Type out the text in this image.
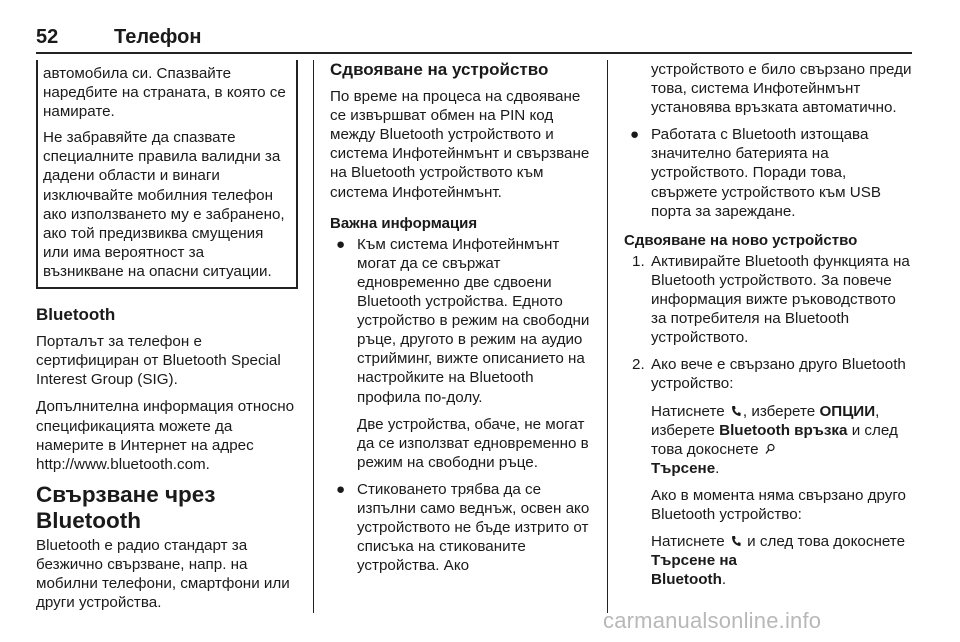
52	Телефон

автомобила си. Спазвайте наредбите на страната, в която се намирате.

Не забравяйте да спазвате специалните правила валидни за дадени области и винаги изключвайте мобилния телефон ако използването му е забранено, ако той предизвиква смущения или има вероятност за възникване на опасни ситуации.

Bluetooth

Порталът за телефон е сертифициран от Bluetooth Special Interest Group (SIG).

Допълнителна информация относно спецификацията можете да намерите в Интернет на адрес http://www.bluetooth.com.

Свързване чрез Bluetooth

Bluetooth е радио стандарт за безжично свързване, напр. на мобилни телефони, смартфони или други устройства.

Сдвояване на устройство

По време на процеса на сдвояване се извършват обмен на PIN код между Bluetooth устройството и система Инфотейнмънт и свързване на Bluetooth устройството към система Инфотейнмънт.

Важна информация
● Към система Инфотейнмънт могат да се свържат едновременно две сдвоени Bluetooth устройства. Едното устройство в режим на свободни ръце, другото в режим на аудио стрийминг, вижте описанието на настройките на Bluetooth профила по-долу.

Две устройства, обаче, не могат да се използват едновременно в режим на свободни ръце.

● Стиковането трябва да се изпълни само веднъж, освен ако устройството не бъде изтрито от списъка на стикованите устройства. Ако

устройството е било свързано преди това, система Инфотейнмънт установява връзката автоматично.

● Работата с Bluetooth изтощава значително батерията на устройството. Поради това, свържете устройството към USB порта за зареждане.

Сдвояване на ново устройство
1. Активирайте Bluetooth функцията на Bluetooth устройството. За повече информация вижте ръководството за потребителя на Bluetooth устройството.

2. Ако вече е свързано друго Bluetooth устройство:

Натиснете , изберете ОПЦИИ, изберете Bluetooth връзка и след това докоснете
Търсене.

Ако в момента няма свързано друго Bluetooth устройство:

Натиснете и след това докоснете Търсене на
Bluetooth.

carmanualsonline.info
